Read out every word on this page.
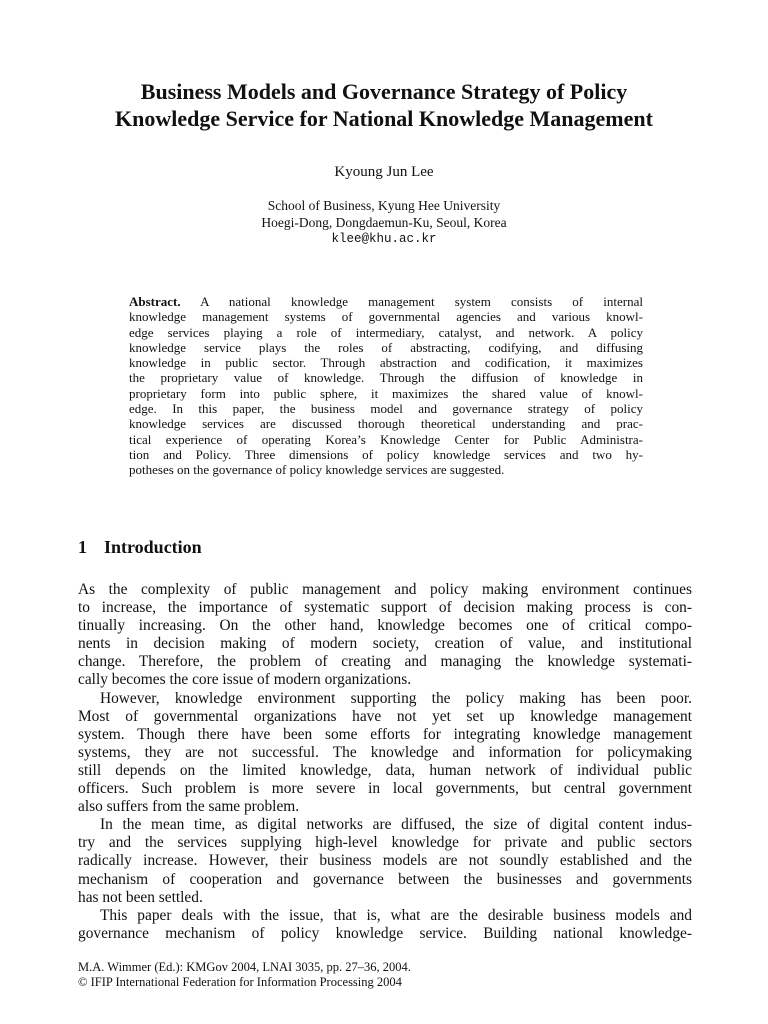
Business Models and Governance Strategy of Policy
Knowledge Service for National Knowledge Management
Kyoung Jun Lee
School of Business, Kyung Hee University
Hoegi-Dong, Dongdaemun-Ku, Seoul, Korea
klee@khu.ac.kr
Abstract. A national knowledge management system consists of internal
knowledge management systems of governmental agencies and various knowl-
edge services playing a role of intermediary, catalyst, and network. A policy
knowledge service plays the roles of abstracting, codifying, and diffusing
knowledge in public sector. Through abstraction and codification, it maximizes
the proprietary value of knowledge. Through the diffusion of knowledge in
proprietary form into public sphere, it maximizes the shared value of knowl-
edge. In this paper, the business model and governance strategy of policy
knowledge services are discussed thorough theoretical understanding and prac-
tical experience of operating Korea’s Knowledge Center for Public Administra-
tion and Policy. Three dimensions of policy knowledge services and two hy-
potheses on the governance of policy knowledge services are suggested.
1 Introduction
As the complexity of public management and policy making environment continues
to increase, the importance of systematic support of decision making process is con-
tinually increasing. On the other hand, knowledge becomes one of critical compo-
nents in decision making of modern society, creation of value, and institutional
change. Therefore, the problem of creating and managing the knowledge systemati-
cally becomes the core issue of modern organizations.
However, knowledge environment supporting the policy making has been poor.
Most of governmental organizations have not yet set up knowledge management
system. Though there have been some efforts for integrating knowledge management
systems, they are not successful. The knowledge and information for policymaking
still depends on the limited knowledge, data, human network of individual public
officers. Such problem is more severe in local governments, but central government
also suffers from the same problem.
In the mean time, as digital networks are diffused, the size of digital content indus-
try and the services supplying high-level knowledge for private and public sectors
radically increase. However, their business models are not soundly established and the
mechanism of cooperation and governance between the businesses and governments
has not been settled.
This paper deals with the issue, that is, what are the desirable business models and
governance mechanism of policy knowledge service. Building national knowledge-
M.A. Wimmer (Ed.): KMGov 2004, LNAI 3035, pp. 27–36, 2004.
© IFIP International Federation for Information Processing 2004
